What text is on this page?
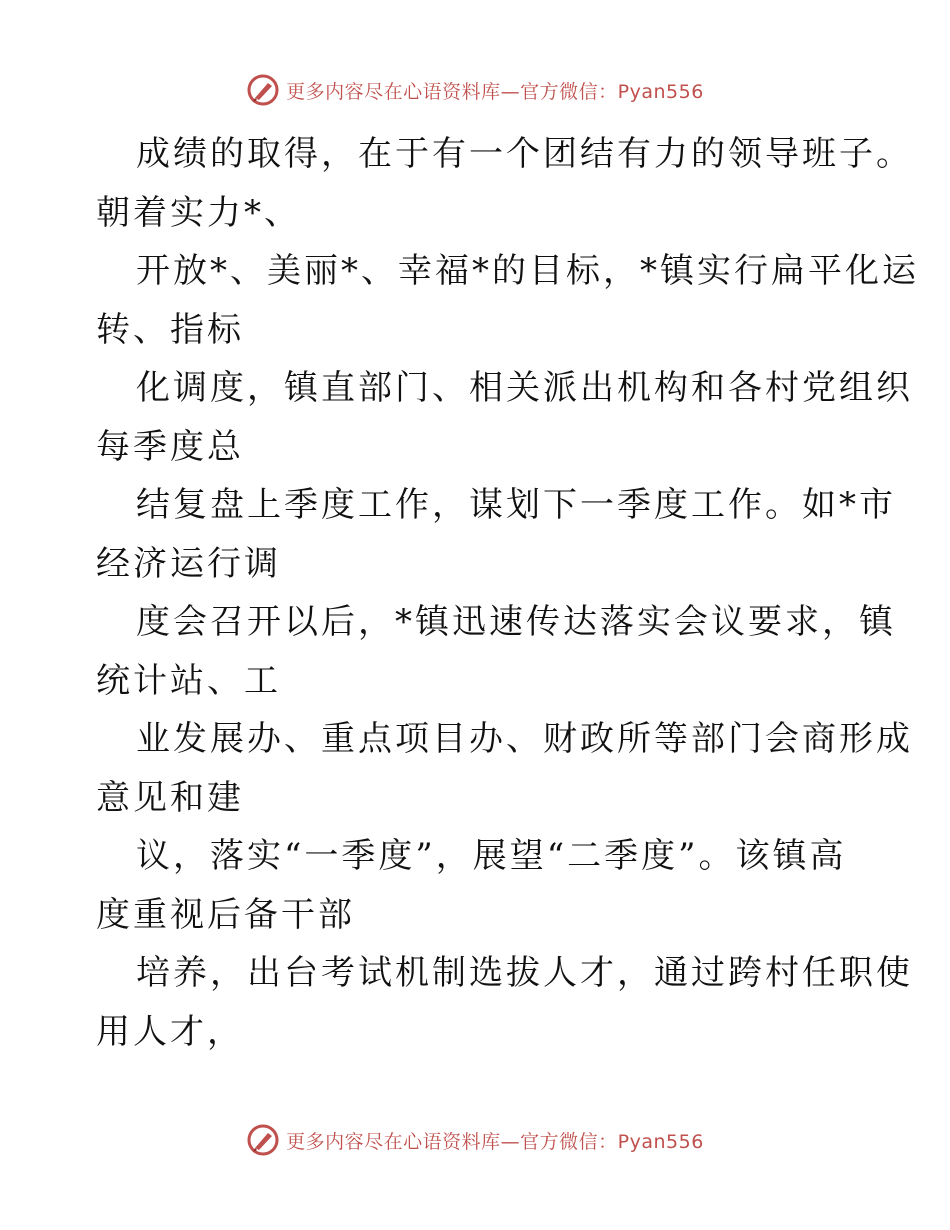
更多内容尽在心语资料库—官方微信：Pyan556
成绩的取得，在于有一个团结有力的领导班子。
朝着实力*、
开放*、美丽*、幸福*的目标，*镇实行扁平化运
转、指标
化调度，镇直部门、相关派出机构和各村党组织
每季度总
结复盘上季度工作，谋划下一季度工作。如*市
经济运行调
度会召开以后，*镇迅速传达落实会议要求，镇
统计站、工
业发展办、重点项目办、财政所等部门会商形成
意见和建
议，落实“一季度”，展望“二季度”。该镇高
度重视后备干部
培养，出台考试机制选拔人才，通过跨村任职使
用人才，
更多内容尽在心语资料库—官方微信：Pyan556
